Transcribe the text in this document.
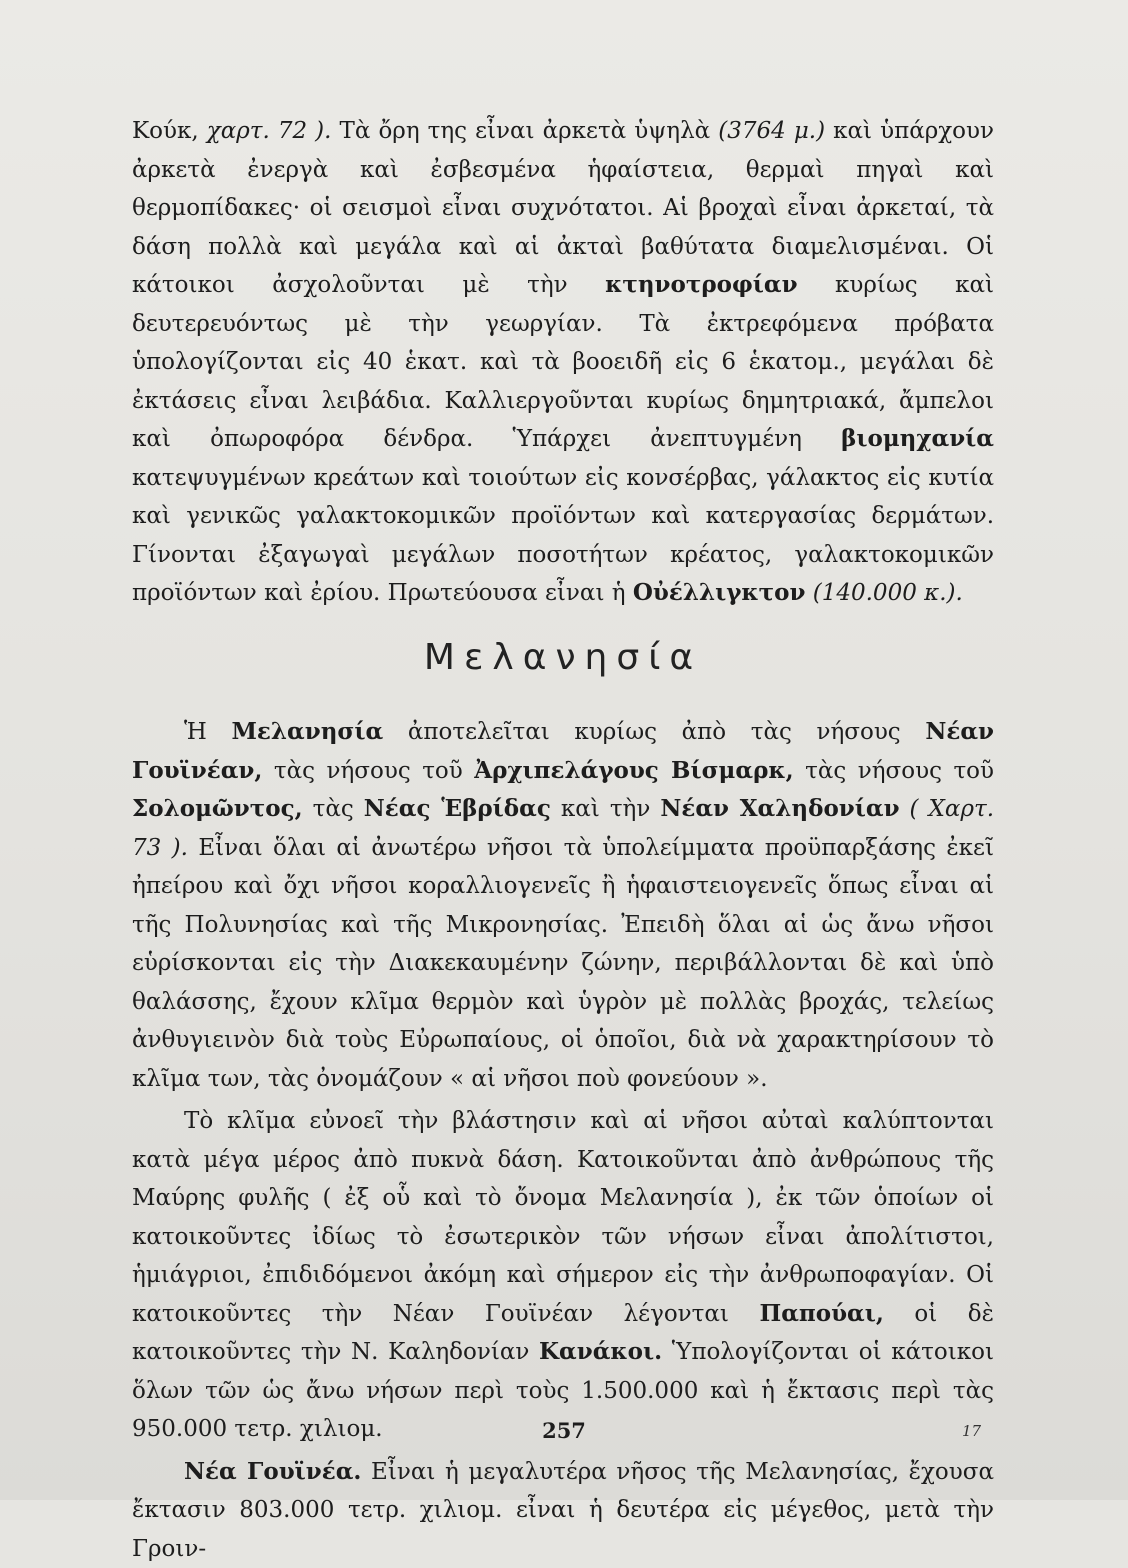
Κούκ, χαρτ. 72 ). Τὰ ὄρη της εἶναι ἀρκετὰ ὑψηλὰ (3764 μ.) καὶ ὑπάρχουν ἀρκετὰ ἐνεργὰ καὶ ἐσβεσμένα ἡφαίστεια, θερμαὶ πηγαὶ καὶ θερμοπίδακες· οἱ σεισμοὶ εἶναι συχνότατοι. Αἱ βροχαὶ εἶναι ἀρκεταί, τὰ δάση πολλὰ καὶ μεγάλα καὶ αἱ ἀκταὶ βαθύτατα διαμελισμέναι. Οἱ κάτοικοι ἀσχολοῦνται μὲ τὴν κτηνοτροφίαν κυρίως καὶ δευτερευόντως μὲ τὴν γεωργίαν. Τὰ ἐκτρεφόμενα πρόβατα ὑπολογίζονται εἰς 40 ἑκατ. καὶ τὰ βοοειδῆ εἰς 6 ἑκατομ., μεγάλαι δὲ ἐκτάσεις εἶναι λειβάδια. Καλλιεργοῦνται κυρίως δημητριακά, ἄμπελοι καὶ ὀπωροφόρα δένδρα. Ὑπάρχει ἀνεπτυγμένη βιομηχανία κατεψυγμένων κρεάτων καὶ τοιούτων εἰς κονσέρβας, γάλακτος εἰς κυτία καὶ γενικῶς γαλακτοκομικῶν προϊόντων καὶ κατεργασίας δερμάτων. Γίνονται ἐξαγωγαὶ μεγάλων ποσοτήτων κρέατος, γαλακτοκομικῶν προϊόντων καὶ ἐρίου. Πρωτεύουσα εἶναι ἡ Οὐέλλιγκτον (140.000 κ.).

Μελανησία

Ἡ Μελανησία ἀποτελεῖται κυρίως ἀπὸ τὰς νήσους Νέαν Γουϊνέαν, τὰς νήσους τοῦ Ἀρχιπελάγους Βίσμαρκ, τὰς νήσους τοῦ Σολομῶντος, τὰς Νέας Ἑβρίδας καὶ τὴν Νέαν Χαληδονίαν ( Χαρτ. 73 ). Εἶναι ὅλαι αἱ ἀνωτέρω νῆσοι τὰ ὑπολείμματα προϋπαρξάσης ἐκεῖ ἠπείρου καὶ ὄχι νῆσοι κοραλλιογενεῖς ἢ ἡφαιστειογενεῖς ὅπως εἶναι αἱ τῆς Πολυνησίας καὶ τῆς Μικρονησίας. Ἐπειδὴ ὅλαι αἱ ὡς ἄνω νῆσοι εὑρίσκονται εἰς τὴν Διακεκαυμένην ζώνην, περιβάλλονται δὲ καὶ ὑπὸ θαλάσσης, ἔχουν κλῖμα θερμὸν καὶ ὑγρὸν μὲ πολλὰς βροχάς, τελείως ἀνθυγιεινὸν διὰ τοὺς Εὐρωπαίους, οἱ ὁποῖοι, διὰ νὰ χαρακτηρίσουν τὸ κλῖμα των, τὰς ὀνομάζουν « αἱ νῆσοι ποὺ φονεύουν ».

Τὸ κλῖμα εὐνοεῖ τὴν βλάστησιν καὶ αἱ νῆσοι αὐταὶ καλύπτονται κατὰ μέγα μέρος ἀπὸ πυκνὰ δάση. Κατοικοῦνται ἀπὸ ἀνθρώπους τῆς Μαύρης φυλῆς ( ἐξ οὗ καὶ τὸ ὄνομα Μελανησία ), ἐκ τῶν ὁποίων οἱ κατοικοῦντες ἰδίως τὸ ἐσωτερικὸν τῶν νήσων εἶναι ἀπολίτιστοι, ἡμιάγριοι, ἐπιδιδόμενοι ἀκόμη καὶ σήμερον εἰς τὴν ἀνθρωποφαγίαν. Οἱ κατοικοῦντες τὴν Νέαν Γουϊνέαν λέγονται Παπούαι, οἱ δὲ κατοικοῦντες τὴν Ν. Καληδονίαν Κανάκοι. Ὑπολογίζονται οἱ κάτοικοι ὅλων τῶν ὡς ἄνω νήσων περὶ τοὺς 1.500.000 καὶ ἡ ἔκτασις περὶ τὰς 950.000 τετρ. χιλιομ.

Νέα Γουϊνέα. Εἶναι ἡ μεγαλυτέρα νῆσος τῆς Μελανησίας, ἔχουσα ἔκτασιν 803.000 τετρ. χιλιομ. εἶναι ἡ δευτέρα εἰς μέγεθος, μετὰ τὴν Γροιν-

257	17
